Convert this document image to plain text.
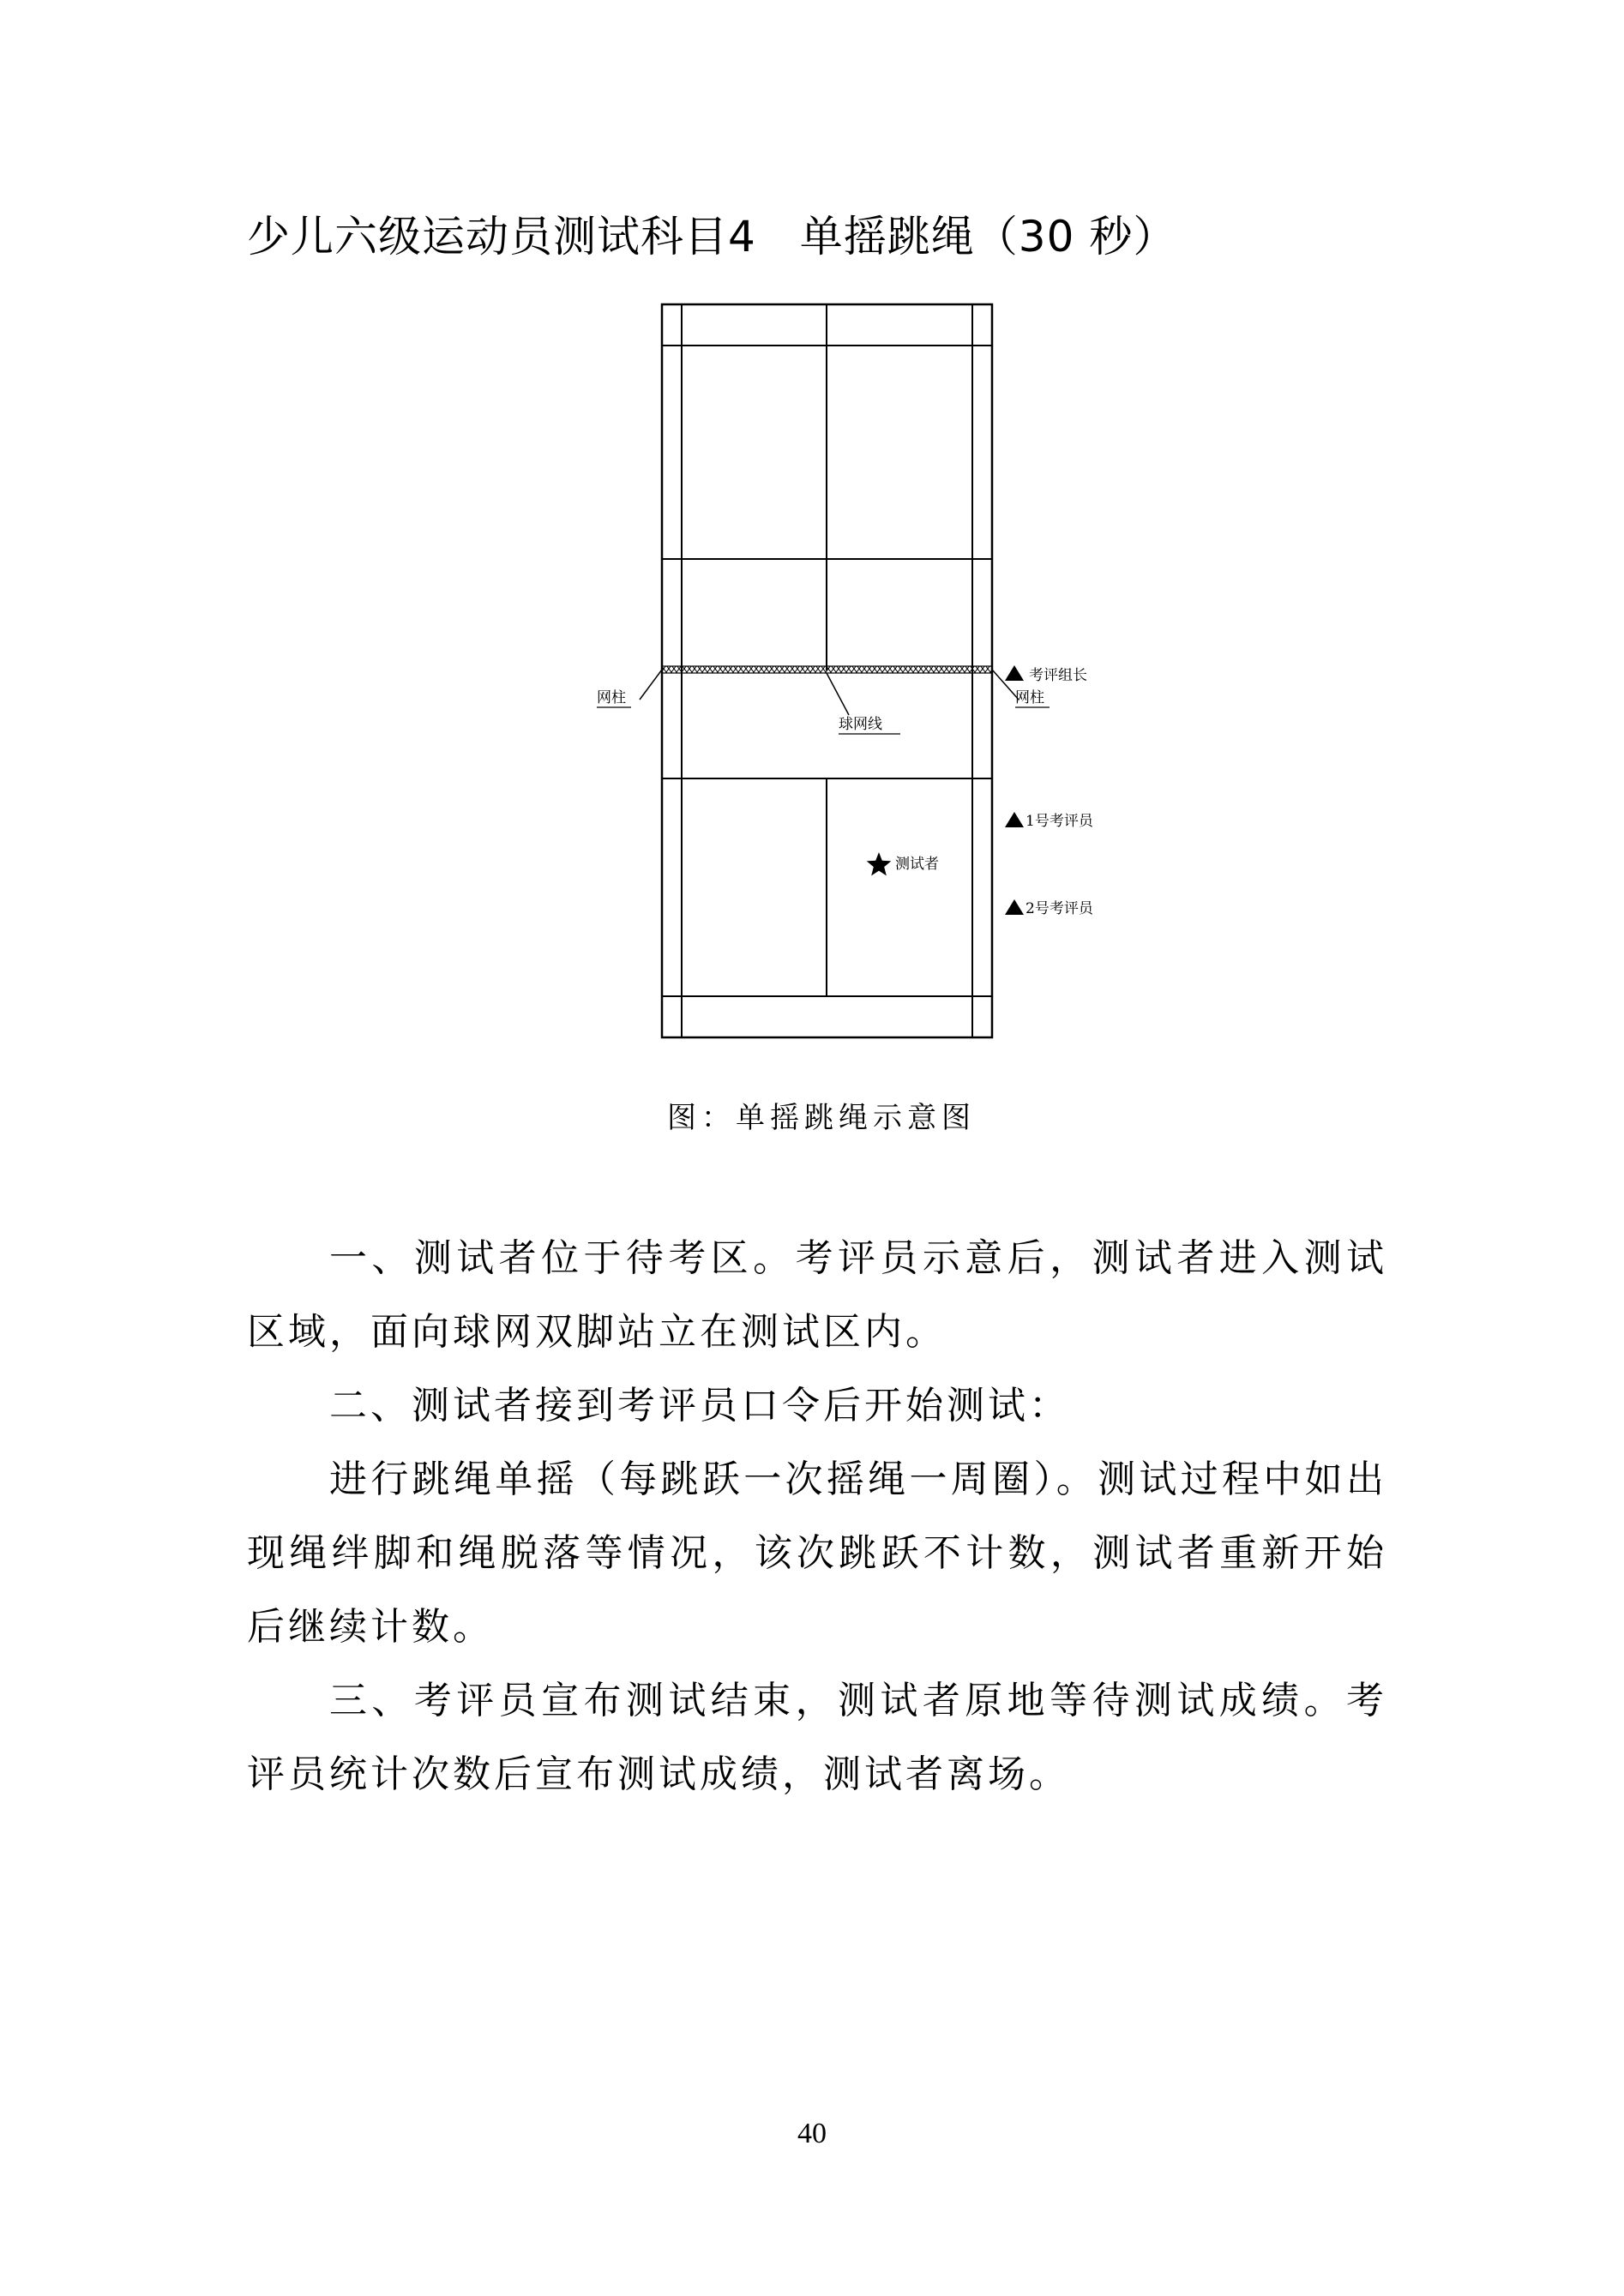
少儿六级运动员测试科目4　单摇跳绳（30 秒）
网柱	网柱
球网线
考评组长
1号考评员
2号考评员
测试者
图：单摇跳绳示意图

一、测试者位于待考区。考评员示意后，测试者进入测试区域，面向球网双脚站立在测试区内。

二、测试者接到考评员口令后开始测试：

进行跳绳单摇（每跳跃一次摇绳一周圈）。测试过程中如出现绳绊脚和绳脱落等情况，该次跳跃不计数，测试者重新开始后继续计数。

三、考评员宣布测试结束，测试者原地等待测试成绩。考评员统计次数后宣布测试成绩，测试者离场。

40
